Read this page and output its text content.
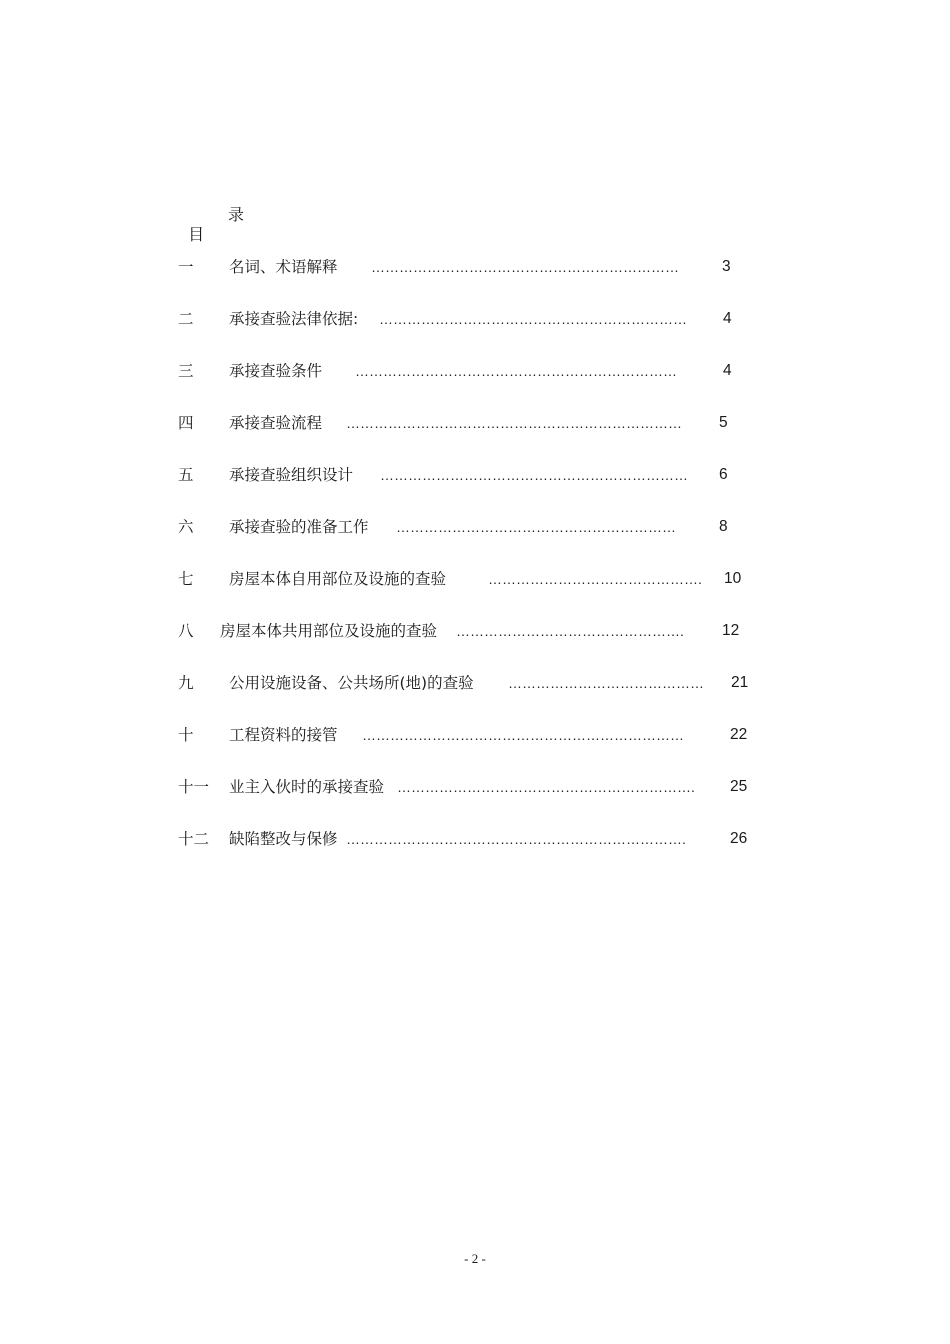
目

录

一 名词、术语解释 …………………………………………………………	3
二 承接查验法律依据: …………………………………………………………	4
三 承接查验条件 ……………………………………………………………	4
四 承接查验流程 ………………………………………………………………	5
五 承接查验组织设计 …………………………………………………………	6
六 承接查验的准备工作 ……………………………………………………	8
七 房屋本体自用部位及设施的查验	……………………………………….	10
八 房屋本体共用部位及设施的查验 ………………………………………….	12
九 公用设施设备、公共场所(地)的查验 ……………………………………	21
十 工程资料的接管 ……………………………………………………………	22
十一 业主入伙时的承接查验 ……………………………………………………….	25
十二 缺陷整改与保修 ……………………………………………………………….	26
- 2 -
